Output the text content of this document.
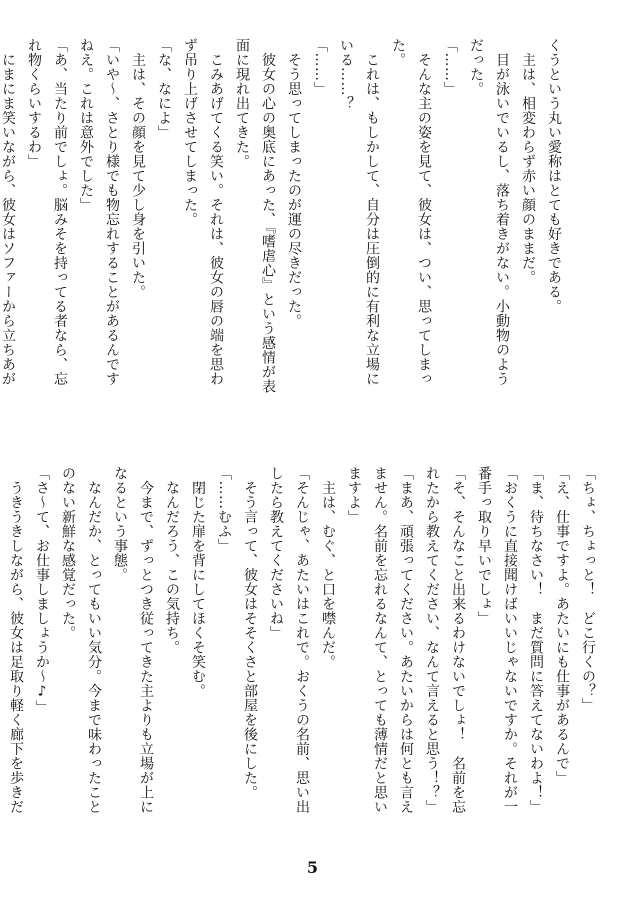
くうという丸い愛称はとても好きである。
　主は、相変わらず赤い顔のままだ。
　目が泳いでいるし、落ち着きがない。小動物のよう
だった。
「……」
　そんな主の姿を見て、彼女は、つい、思ってしまっ
た。
　これは、もしかして、自分は圧倒的に有利な立場に
いる……？
「……」
　そう思ってしまったのが運の尽きだった。
　彼女の心の奥底にあった、『嗜虐心』という感情が表
面に現れ出てきた。
　こみあげてくる笑い。それは、彼女の唇の端を思わ
ず吊り上げさせてしまった。
「な、なによ」
　主は、その顔を見て少し身を引いた。
「いや～、さとり様でも物忘れすることがあるんです
ねえ。これは意外でした」
「あ、当たり前でしょ。脳みそを持ってる者なら、忘
れ物くらいするわ」
　にまにま笑いながら、彼女はソファーから立ちあが
「ちょ、ちょっと！　どこ行くの？」
「え、仕事ですよ。あたいにも仕事があるんで」
「ま、待ちなさい！　まだ質問に答えてないわよ！」
「おくうに直接聞けばいいじゃないですか。それが一
番手っ取り早いでしょ」
「そ、そんなこと出来るわけないでしょ！　名前を忘
れたから教えてください、なんて言えると思う！？」
「まあ、頑張ってください。あたいからは何とも言え
ません。名前を忘れるなんて、とっても薄情だと思い
ますよ」
　主は、むぐ、と口を噤んだ。
「そんじゃ、あたいはこれで。おくうの名前、思い出
したら教えてくださいね」
　そう言って、彼女はそそくさと部屋を後にした。
「……むふ」
　閉じた扉を背にしてほくそ笑む。
　なんだろう、この気持ち。
　今まで、ずっとつき従ってきた主よりも立場が上に
なるという事態。
　なんだか、とってもいい気分。今まで味わったこと
のない新鮮な感覚だった。
「さ～て、お仕事しましょうか～♪」
　うきうきしながら、彼女は足取り軽く廊下を歩きだ
5
